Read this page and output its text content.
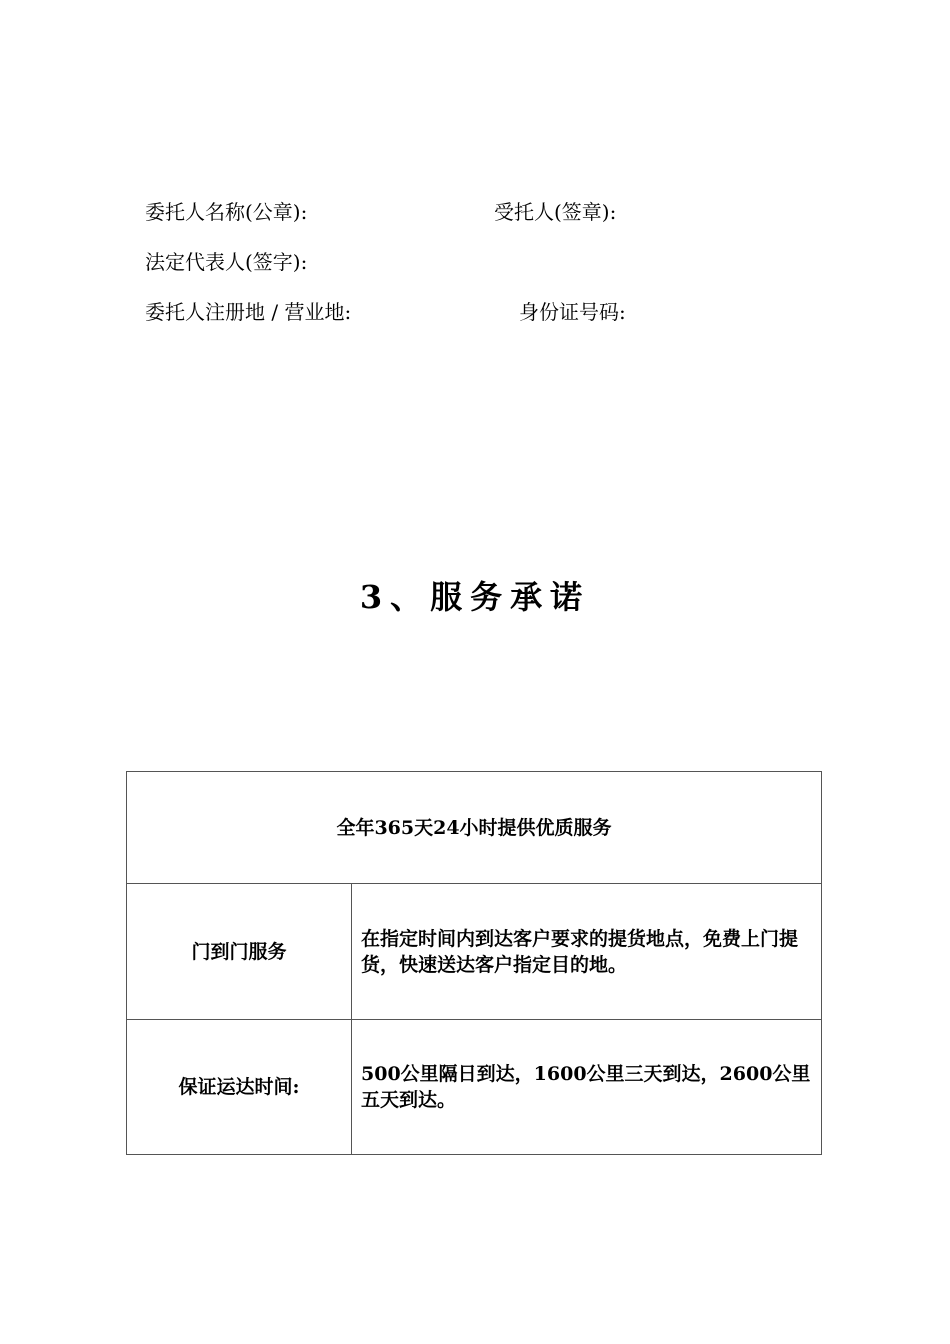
委托人名称(公章):	受托人(签章):
法定代表人(签字):
委托人注册地 / 营业地:	身份证号码:
3、服务承诺
全年365天24小时提供优质服务	
门到门服务	在指定时间内到达客户要求的提货地点，免费上门提货，快速送达客户指定目的地。
保证运达时间:	500公里隔日到达，1600公里三天到达，2600公里五天到达。
